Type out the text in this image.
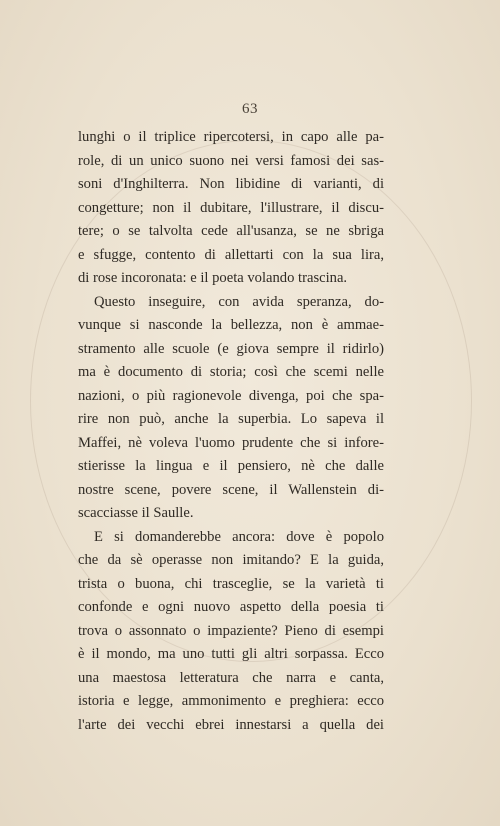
63
lunghi o il triplice ripercotersi, in capo alle pa-
role, di un unico suono nei versi famosi dei sas-
soni d'Inghilterra. Non libidine di varianti, di
congetture; non il dubitare, l'illustrare, il discu-
tere; o se talvolta cede all'usanza, se ne sbriga
e sfugge, contento di allettarti con la sua lira,
di rose incoronata: e il poeta volando trascina.
Questo inseguire, con avida speranza, do-
vunque si nasconde la bellezza, non è ammae-
stramento alle scuole (e giova sempre il ridirlo)
ma è documento di storia; così che scemi nelle
nazioni, o più ragionevole divenga, poi che spa-
rire non può, anche la superbia. Lo sapeva il
Maffei, nè voleva l'uomo prudente che si infore-
stierisse la lingua e il pensiero, nè che dalle
nostre scene, povere scene, il Wallenstein di-
scacciasse il Saulle.
E si domanderebbe ancora: dove è popolo
che da sè operasse non imitando? E la guida,
trista o buona, chi trasceglie, se la varietà ti
confonde e ogni nuovo aspetto della poesia ti
trova o assonnato o impaziente? Pieno di esempi
è il mondo, ma uno tutti gli altri sorpassa. Ecco
una maestosa letteratura che narra e canta,
istoria e legge, ammonimento e preghiera: ecco
l'arte dei vecchi ebrei innestarsi a quella dei
